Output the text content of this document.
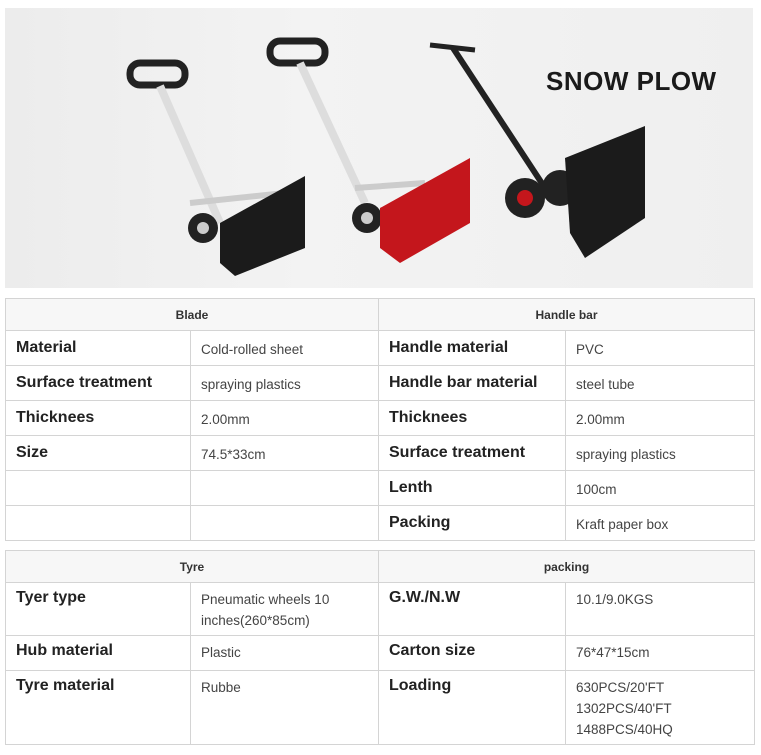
SNOW PLOW
Blade		Handle bar	
Material	Cold-rolled sheet	Handle material	PVC
Surface treatment	spraying plastics	Handle bar material	steel tube
Thicknees	2.00mm	Thicknees	2.00mm
Size	74.5*33cm	Surface treatment	spraying plastics
		Lenth	100cm
		Packing	Kraft paper box
Tyre		packing	
Tyer type	Pneumatic wheels 10 inches(260*85cm)	G.W./N.W	10.1/9.0KGS
Hub material	Plastic	Carton size	76*47*15cm
Tyre material	Rubbe	Loading	630PCS/20'FT
1302PCS/40'FT
1488PCS/40HQ
